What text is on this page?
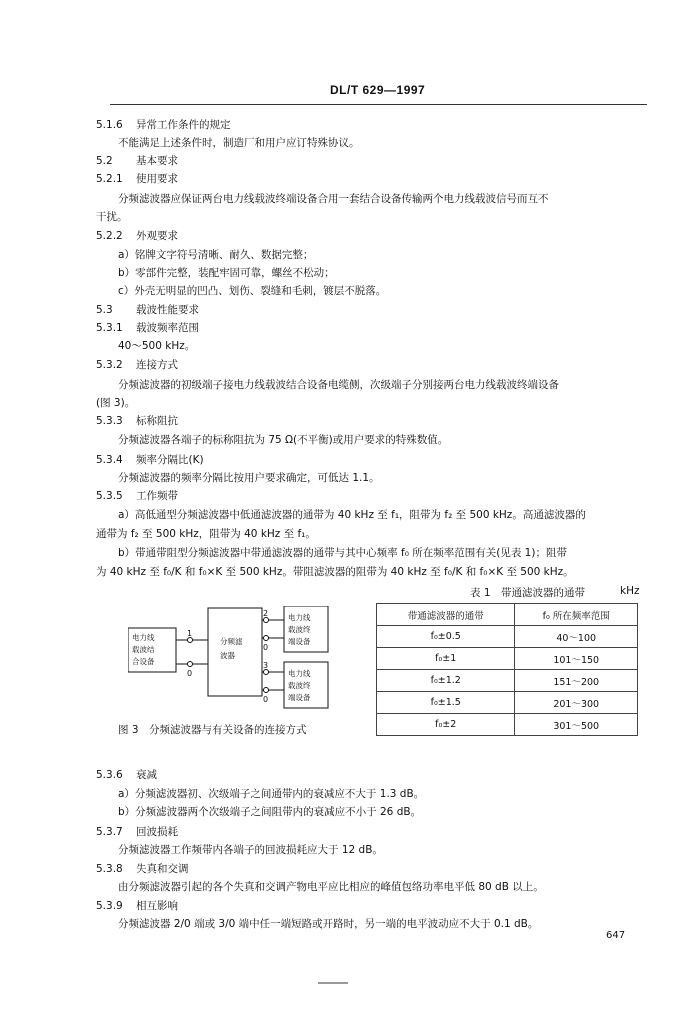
DL/T 629—1997
5.1.6 异常工作条件的规定
不能满足上述条件时，制造厂和用户应订特殊协议。
5.2 基本要求
5.2.1 使用要求
分频滤波器应保证两台电力线载波终端设备合用一套结合设备传输两个电力线载波信号而互不
干扰。
5.2.2 外观要求
a）铭牌文字符号清晰、耐久、数据完整；
b）零部件完整，装配牢固可靠，螺丝不松动；
c）外壳无明显的凹凸、划伤、裂缝和毛刺，镀层不脱落。
5.3 载波性能要求
5.3.1 载波频率范围
40～500 kHz。
5.3.2 连接方式
分频滤波器的初级端子接电力线载波结合设备电缆侧，次级端子分别接两台电力线载波终端设备
(图 3)。
5.3.3 标称阻抗
分频滤波器各端子的标称阻抗为 75 Ω(不平衡)或用户要求的特殊数值。
5.3.4 频率分隔比(K)
分频滤波器的频率分隔比按用户要求确定，可低达 1.1。
5.3.5 工作频带
a）高低通型分频滤波器中低通滤波器的通带为 40 kHz 至 f₁，阻带为 f₂ 至 500 kHz。高通滤波器的
通带为 f₂ 至 500 kHz，阻带为 40 kHz 至 f₁。
b）带通带阻型分频滤波器中带通滤波器的通带与其中心频率 f₀ 所在频率范围有关(见表 1)；阻带
为 40 kHz 至 f₀/K 和 f₀×K 至 500 kHz。带阻滤波器的阻带为 40 kHz 至 f₀/K 和 f₀×K 至 500 kHz。
5.3.6 衰减
a）分频滤波器初、次级端子之间通带内的衰减应不大于 1.3 dB。
b）分频滤波器两个次级端子之间阻带内的衰减应不小于 26 dB。
5.3.7 回波损耗
分频滤波器工作频带内各端子的回波损耗应大于 12 dB。
5.3.8 失真和交调
由分频滤波器引起的各个失真和交调产物电平应比相应的峰值包络功率电平低 80 dB 以上。
5.3.9 相互影响
分频滤波器 2/0 端或 3/0 端中任一端短路或开路时，另一端的电平波动应不大于 0.1 dB。
电力线
载波结
合设备
分频滤
波器
电力线
载波终
端设备
电力线
载波终
端设备
1
0
2
0
3
0
图 3　分频滤波器与有关设备的连接方式
表 1　带通滤波器的通带	kHz
带通滤波器的通带	f₀ 所在频率范围
f₀±0.5	40～100
f₀±1	101～150
f₀±1.2	151～200
f₀±1.5	201～300
f₀±2	301～500
647
